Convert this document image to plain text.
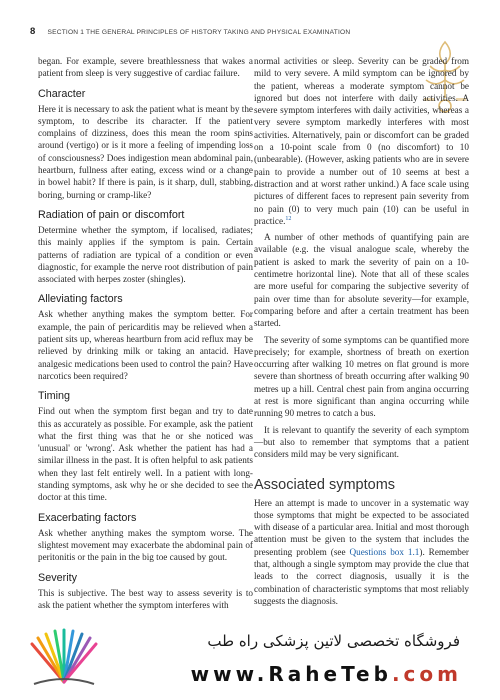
8 SECTION 1 THE GENERAL PRINCIPLES OF HISTORY TAKING AND PHYSICAL EXAMINATION

began. For example, severe breathlessness that wakes a patient from sleep is very suggestive of cardiac failure.

Character

Here it is necessary to ask the patient what is meant by the symptom, to describe its character. If the patient complains of dizziness, does this mean the room spins around (vertigo) or is it more a feeling of impending loss of consciousness? Does indigestion mean abdominal pain, heartburn, fullness after eating, excess wind or a change in bowel habit? If there is pain, is it sharp, dull, stabbing, boring, burning or cramp-like?

Radiation of pain or discomfort

Determine whether the symptom, if localised, radiates; this mainly applies if the symptom is pain. Certain patterns of radiation are typical of a condition or even diagnostic, for example the nerve root distribution of pain associated with herpes zoster (shingles).

Alleviating factors

Ask whether anything makes the symptom better. For example, the pain of pericarditis may be relieved when a patient sits up, whereas heartburn from acid reflux may be relieved by drinking milk or taking an antacid. Have analgesic medications been used to control the pain? Have narcotics been required?

Timing

Find out when the symptom first began and try to date this as accurately as possible. For example, ask the patient what the first thing was that he or she noticed was 'unusual' or 'wrong'. Ask whether the patient has had a similar illness in the past. It is often helpful to ask patients when they last felt entirely well. In a patient with long-standing symptoms, ask why he or she decided to see the doctor at this time.

Exacerbating factors

Ask whether anything makes the symptom worse. The slightest movement may exacerbate the abdominal pain of peritonitis or the pain in the big toe caused by gout.

Severity

This is subjective. The best way to assess severity is to ask the patient whether the symptom interferes with

normal activities or sleep. Severity can be graded from mild to very severe. A mild symptom can be ignored by the patient, whereas a moderate symptom cannot be ignored but does not interfere with daily activities. A severe symptom interferes with daily activities, whereas a very severe symptom markedly interferes with most activities. Alternatively, pain or discomfort can be graded on a 10-point scale from 0 (no discomfort) to 10 (unbearable). (However, asking patients who are in severe pain to provide a number out of 10 seems at best a distraction and at worst rather unkind.) A face scale using pictures of different faces to represent pain severity from no pain (0) to very much pain (10) can be useful in practice.$^{12}$

A number of other methods of quantifying pain are available (e.g. the visual analogue scale, whereby the patient is asked to mark the severity of pain on a 10-centimetre horizontal line). Note that all of these scales are more useful for comparing the subjective severity of pain over time than for absolute severity—for example, comparing before and after a certain treatment has been started.

The severity of some symptoms can be quantified more precisely; for example, shortness of breath on exertion occurring after walking 10 metres on flat ground is more severe than shortness of breath occurring after walking 90 metres up a hill. Central chest pain from angina occurring at rest is more significant than angina occurring while running 90 metres to catch a bus.

It is relevant to quantify the severity of each symptom—but also to remember that symptoms that a patient considers mild may be very significant.

Associated symptoms

Here an attempt is made to uncover in a systematic way those symptoms that might be expected to be associated with disease of a particular area. Initial and most thorough attention must be given to the system that includes the presenting problem (see Questions box 1.1). Remember that, although a single symptom may provide the clue that leads to the correct diagnosis, usually it is the combination of characteristic symptoms that most reliably suggests the diagnosis.

فروشگاه تخصصی لاتین پزشکی راه طب
www.RaheTeb.com
